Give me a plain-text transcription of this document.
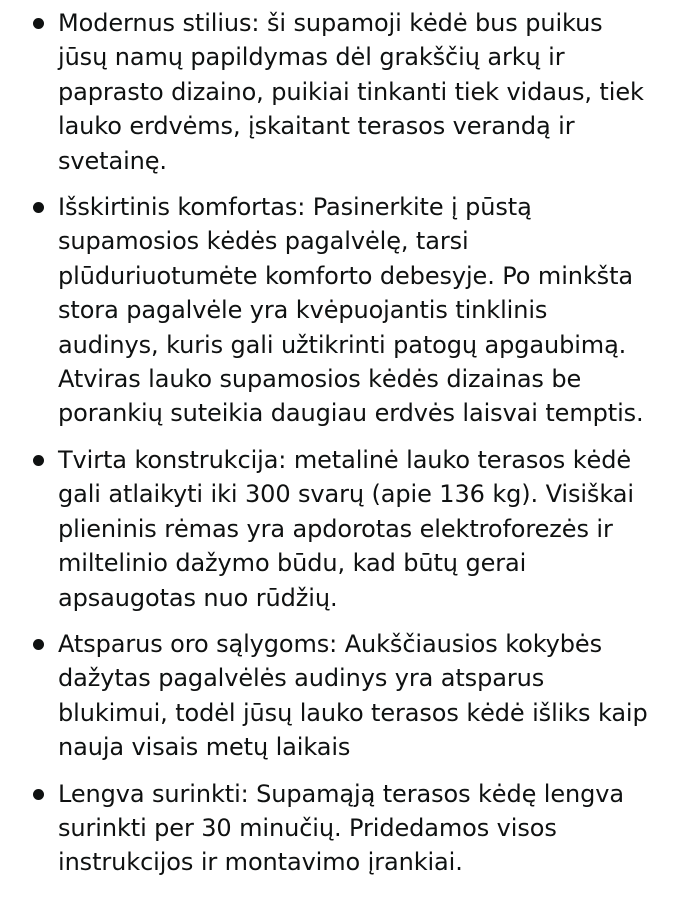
Modernus stilius: ši supamoji kėdė bus puikus jūsų namų papildymas dėl grakščių arkų ir paprasto dizaino, puikiai tinkanti tiek vidaus, tiek lauko erdvėms, įskaitant terasos verandą ir svetainę.
Išskirtinis komfortas: Pasinerkite į pūstą supamosios kėdės pagalvėlę, tarsi plūduriuotumėte komforto debesyje. Po minkšta stora pagalvėle yra kvėpuojantis tinklinis audinys, kuris gali užtikrinti patogų apgaubimą. Atviras lauko supamosios kėdės dizainas be porankių suteikia daugiau erdvės laisvai temptis.
Tvirta konstrukcija: metalinė lauko terasos kėdė gali atlaikyti iki 300 svarų (apie 136 kg). Visiškai plieninis rėmas yra apdorotas elektroforezės ir miltelinio dažymo būdu, kad būtų gerai apsaugotas nuo rūdžių.
Atsparus oro sąlygoms: Aukščiausios kokybės dažytas pagalvėlės audinys yra atsparus blukimui, todėl jūsų lauko terasos kėdė išliks kaip nauja visais metų laikais
Lengva surinkti: Supamąją terasos kėdę lengva surinkti per 30 minučių. Pridedamos visos instrukcijos ir montavimo įrankiai.
